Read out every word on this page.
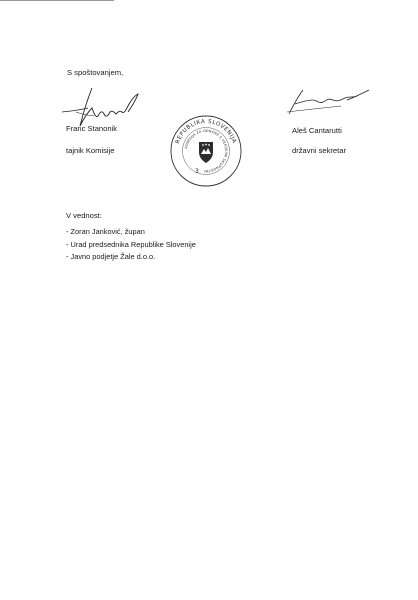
S spoštovanjem,
Franc Stanonik
tajnik Komisije
REPUBLIKA SLOVENIJA
KOMISIJA ZA ODNOSE S VERSKIMI SKUPNOSTMI
3
Aleš Cantarutti
državni sekretar
V vednost:
- Zoran Janković, župan
- Urad predsednika Republike Slovenije
- Javno podjetje Žale d.o.o.
